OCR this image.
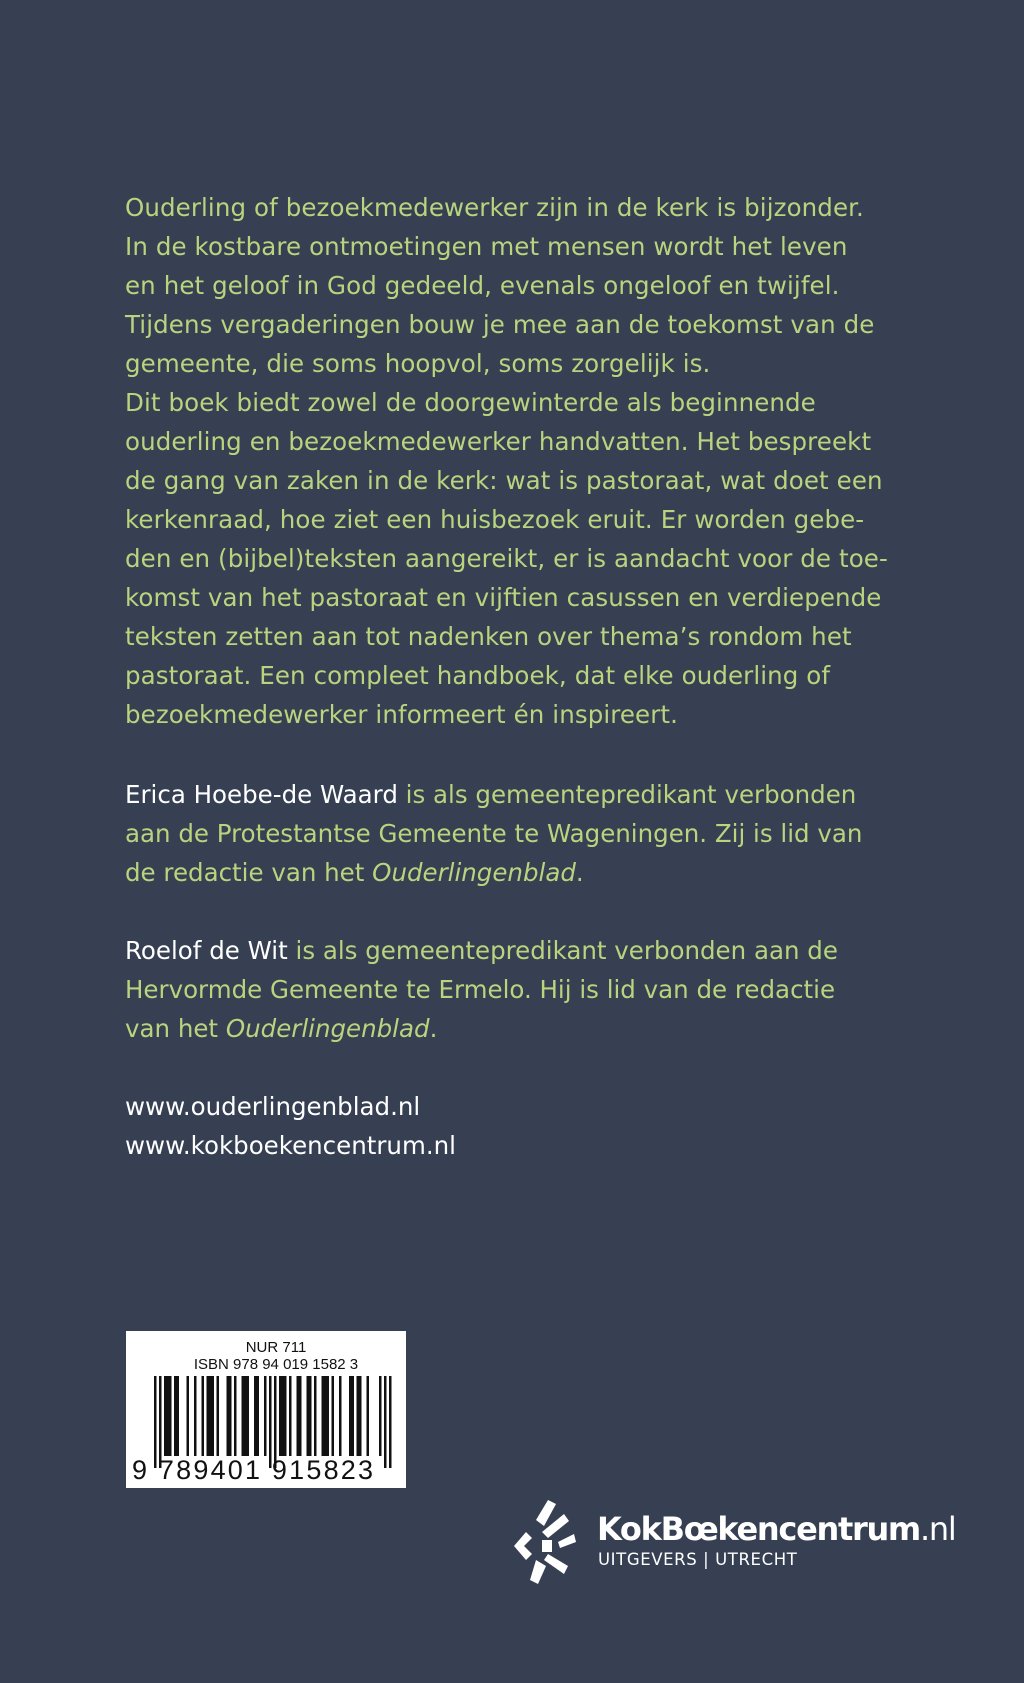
Ouderling of bezoekmedewerker zijn in de kerk is bijzonder.
In de kostbare ontmoetingen met mensen wordt het leven
en het geloof in God gedeeld, evenals ongeloof en twijfel.
Tijdens vergaderingen bouw je mee aan de toekomst van de
gemeente, die soms hoopvol, soms zorgelijk is.
Dit boek biedt zowel de doorgewinterde als beginnende
ouderling en bezoekmedewerker handvatten. Het bespreekt
de gang van zaken in de kerk: wat is pastoraat, wat doet een
kerkenraad, hoe ziet een huisbezoek eruit. Er worden gebe-
den en (bijbel)teksten aangereikt, er is aandacht voor de toe-
komst van het pastoraat en vijftien casussen en verdiepende
teksten zetten aan tot nadenken over thema’s rondom het
pastoraat. Een compleet handboek, dat elke ouderling of
bezoekmedewerker informeert én inspireert.
Erica Hoebe-de Waard is als gemeentepredikant verbonden
aan de Protestantse Gemeente te Wageningen. Zij is lid van
de redactie van het Ouderlingenblad.
Roelof de Wit is als gemeentepredikant verbonden aan de
Hervormde Gemeente te Ermelo. Hij is lid van de redactie
van het Ouderlingenblad.
www.ouderlingenblad.nl
www.kokboekencentrum.nl
NUR 711
ISBN 978 94 019 1582 3
9 789401 915823
KokBœkencentrum.nl
UITGEVERS | UTRECHT
